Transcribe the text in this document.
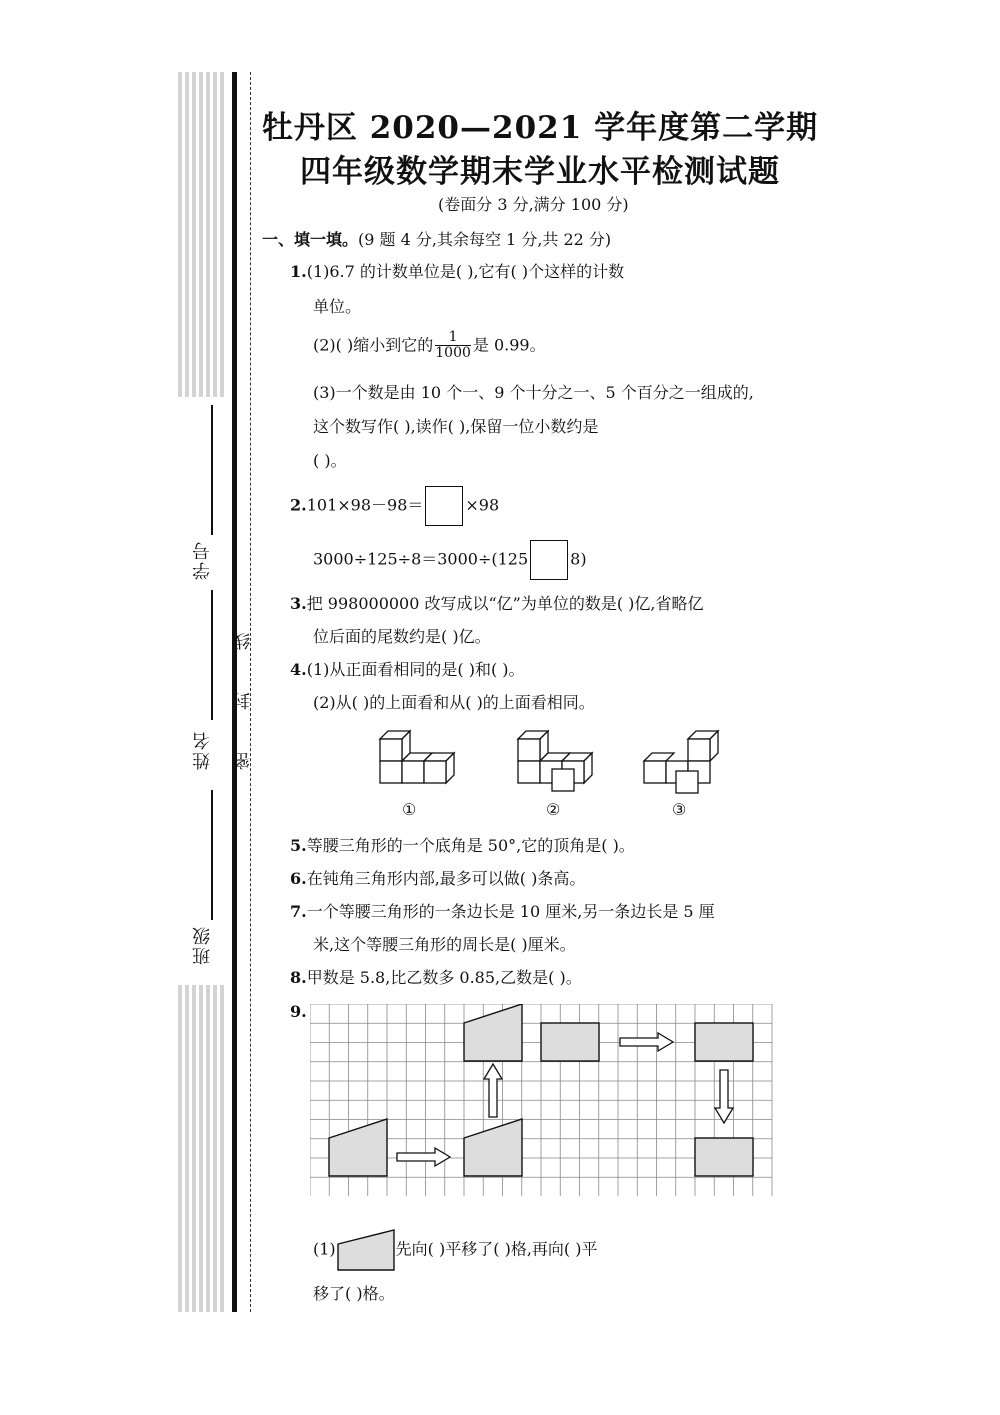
学号
姓名
班级
线
封
密
牡丹区 2020—2021 学年度第二学期
四年级数学期末学业水平检测试题
(卷面分 3 分,满分 100 分)
一、填一填。(9 题 4 分,其余每空 1 分,共 22 分)
1.(1)6.7 的计数单位是( ),它有( )个这样的计数
单位。
(2)( )缩小到它的 $\frac{1}{1000}$ 是 0.99。
(3)一个数是由 10 个一、9 个十分之一、5 个百分之一组成的,
这个数写作( ),读作( ),保留一位小数约是
( )。
2.101×98－98＝	×98
3000÷125÷8＝3000÷(125	8)
3.把 998000000 改写成以“亿”为单位的数是( )亿,省略亿
位后面的尾数约是( )亿。
4.(1)从正面看相同的是( )和( )。
(2)从( )的上面看和从( )的上面看相同。
①	②	③
5.等腰三角形的一个底角是 50°,它的顶角是( )。
6.在钝角三角形内部,最多可以做( )条高。
7.一个等腰三角形的一条边长是 10 厘米,另一条边长是 5 厘
米,这个等腰三角形的周长是( )厘米。
8.甲数是 5.8,比乙数多 0.85,乙数是( )。
9.
(1)	先向( )平移了( )格,再向( )平
移了( )格。
